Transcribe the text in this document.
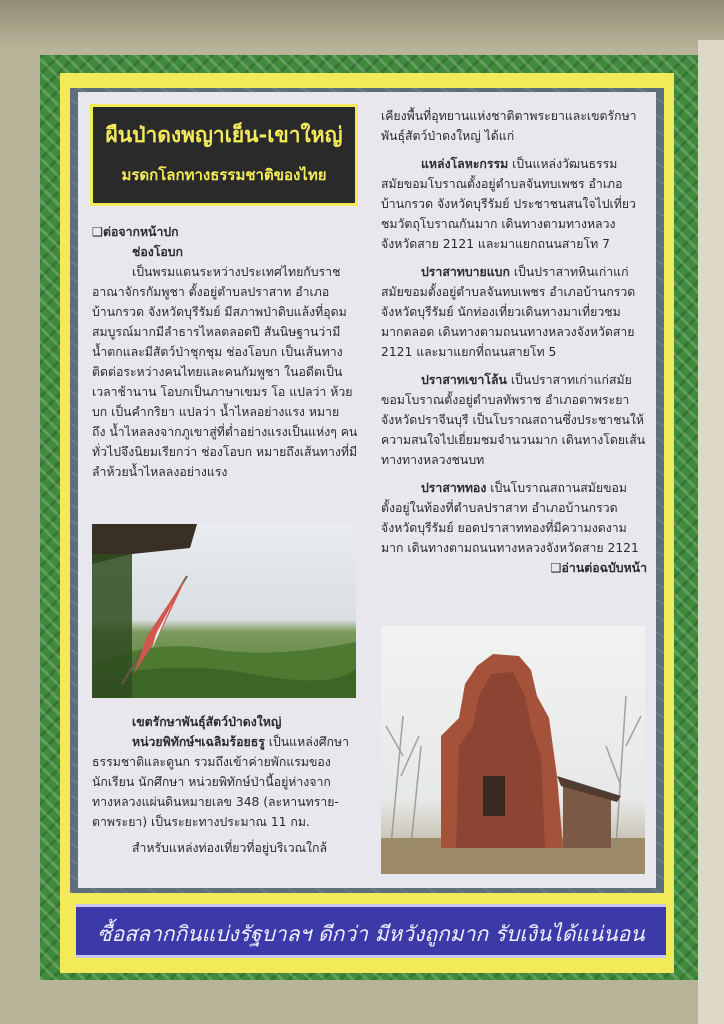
ผืนป่าดงพญาเย็น-เขาใหญ่
มรดกโลกทางธรรมชาติของไทย

❑ต่อจากหน้าปก

ช่องโอบก

เป็นพรมแดนระหว่างประเทศไทยกับราช

อาณาจักรกัมพูชา ตั้งอยู่ตำบลปราสาท อำเภอ

บ้านกรวด จังหวัดบุรีรัมย์ มีสภาพป่าดิบแล้งที่อุดม

สมบูรณ์มากมีลำธารไหลตลอดปี สันนิษฐานว่ามี

น้ำตกและมีสัตว์ป่าชุกชุม ช่องโอบก เป็นเส้นทาง

ติดต่อระหว่างคนไทยและคนกัมพูชา ในอดีตเป็น

เวลาช้านาน โอบกเป็นภาษาเขมร โอ แปลว่า ห้วย

บก เป็นคำกริยา แปลว่า น้ำไหลอย่างแรง หมาย

ถึง น้ำไหลลงจากภูเขาสู่ที่ต่ำอย่างแรงเป็นแห่งๆ คน

ทั่วไปจึงนิยมเรียกว่า ช่องโอบก หมายถึงเส้นทางที่มี

ลำห้วยน้ำไหลลงอย่างแรง

เขตรักษาพันธุ์สัตว์ป่าดงใหญ่

หน่วยพิทักษ์ฯเฉลิมร้อยธรู เป็นแหล่งศึกษา

ธรรมชาติและดูนก รวมถึงเข้าค่ายพักแรมของ

นักเรียน นักศึกษา หน่วยพิทักษ์ป่านี้อยู่ห่างจาก

ทางหลวงแผ่นดินหมายเลข 348 (ละหานทราย-

ตาพระยา) เป็นระยะทางประมาณ 11 กม.

สำหรับแหล่งท่องเที่ยวที่อยู่บริเวณใกล้

เคียงพื้นที่อุทยานแห่งชาติตาพระยาและเขตรักษา

พันธุ์สัตว์ป่าดงใหญ่ ได้แก่

แหล่งโลหะกรรม เป็นแหล่งวัฒนธรรม

สมัยขอมโบราณตั้งอยู่ตำบลจันทบเพชร อำเภอ

บ้านกรวด จังหวัดบุรีรัมย์ ประชาชนสนใจไปเที่ยว

ชมวัตถุโบราณกันมาก เดินทางตามทางหลวง

จังหวัดสาย 2121 และมาแยกถนนสายโท 7

ปราสาทบายแบก เป็นปราสาทหินเก่าแก่

สมัยขอมตั้งอยู่ตำบลจันทบเพชร อำเภอบ้านกรวด

จังหวัดบุรีรัมย์ นักท่องเที่ยวเดินทางมาเที่ยวชม

มากตลอด เดินทางตามถนนทางหลวงจังหวัดสาย

2121 และมาแยกที่ถนนสายโท 5

ปราสาทเขาโล้น เป็นปราสาทเก่าแก่สมัย

ขอมโบราณตั้งอยู่ตำบลทัพราช อำเภอตาพระยา

จังหวัดปราจีนบุรี เป็นโบราณสถานซึ่งประชาชนให้

ความสนใจไปเยี่ยมชมจำนวนมาก เดินทางโดยเส้น

ทางทางหลวงชนบท

ปราสาททอง เป็นโบราณสถานสมัยขอม

ตั้งอยู่ในท้องที่ตำบลปราสาท อำเภอบ้านกรวด

จังหวัดบุรีรัมย์ ยอดปราสาททองที่มีความงดงาม

มาก เดินทางตามถนนทางหลวงจังหวัดสาย 2121

❑อ่านต่อฉบับหน้า

ซื้อสลากกินแบ่งรัฐบาลฯ ดีกว่า มีหวังถูกมาก รับเงินได้แน่นอน
